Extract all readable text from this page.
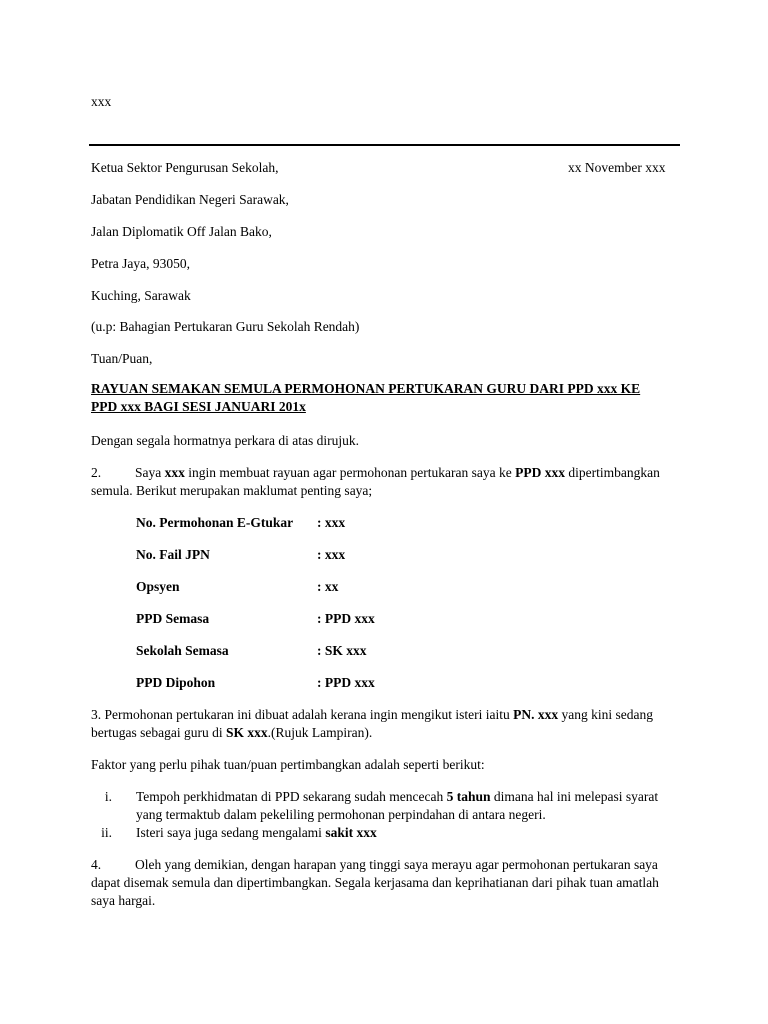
xxx
xx November xxx
Ketua Sektor Pengurusan Sekolah,
Jabatan Pendidikan Negeri Sarawak,
Jalan Diplomatik Off Jalan Bako,
Petra Jaya, 93050,
Kuching, Sarawak
(u.p: Bahagian Pertukaran Guru Sekolah Rendah)
Tuan/Puan,
RAYUAN SEMAKAN SEMULA PERMOHONAN PERTUKARAN GURU DARI PPD xxx KE
PPD xxx BAGI SESI JANUARI 201x
Dengan segala hormatnya perkara di atas dirujuk.
2.	Saya xxx ingin membuat rayuan agar permohonan pertukaran saya ke PPD xxx dipertimbangkan
semula. Berikut merupakan maklumat penting saya;
No. Permohonan E-Gtukar : xxx
No. Fail JPN	: xxx
Opsyen	: xx
PPD Semasa	: PPD xxx
Sekolah Semasa	: SK xxx
PPD Dipohon	: PPD xxx
3. Permohonan pertukaran ini dibuat adalah kerana ingin mengikut isteri iaitu PN. xxx yang kini sedang
bertugas sebagai guru di SK xxx.(Rujuk Lampiran).
Faktor yang perlu pihak tuan/puan pertimbangkan adalah seperti berikut:
i. Tempoh perkhidmatan di PPD sekarang sudah mencecah 5 tahun dimana hal ini melepasi syarat
yang termaktub dalam pekeliling permohonan perpindahan di antara negeri.
ii. Isteri saya juga sedang mengalami sakit xxx
4.	Oleh yang demikian, dengan harapan yang tinggi saya merayu agar permohonan pertukaran saya
dapat disemak semula dan dipertimbangkan. Segala kerjasama dan keprihatianan dari pihak tuan amatlah
saya hargai.
